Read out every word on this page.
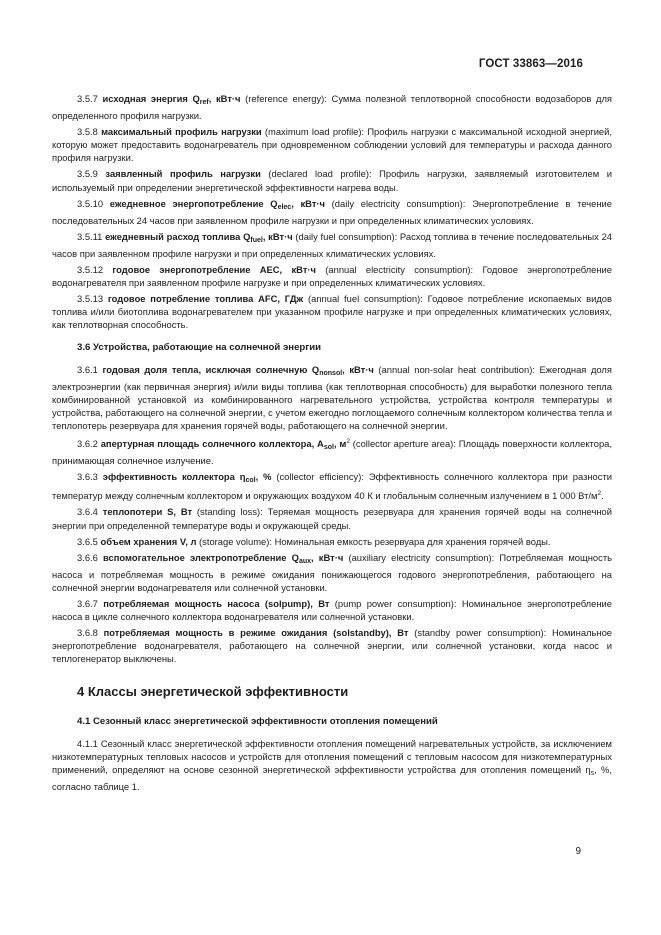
ГОСТ 33863—2016

3.5.7 исходная энергия $Q_{ref}$, кВт·ч (reference energy): Сумма полезной теплотворной способности водозаборов для определенного профиля нагрузки.

3.5.8 максимальный профиль нагрузки (maximum load profile): Профиль нагрузки с максимальной исходной энергией, которую может предоставить водонагреватель при одновременном соблюдении условий для температуры и расхода данного профиля нагрузки.

3.5.9 заявленный профиль нагрузки (declared load profile): Профиль нагрузки, заявляемый изготовителем и используемый при определении энергетической эффективности нагрева воды.

3.5.10 ежедневное энергопотребление $Q_{elec}$, кВт·ч (daily electricity consumption): Энергопотребление в течение последовательных 24 часов при заявленном профиле нагрузки и при определенных климатических условиях.

3.5.11 ежедневный расход топлива $Q_{fuel}$, кВт·ч (daily fuel consumption): Расход топлива в течение последовательных 24 часов при заявленном профиле нагрузки и при определенных климатических условиях.

3.5.12 годовое энергопотребление AEC, кВт·ч (annual electricity consumption): Годовое энергопотребление водонагревателя при заявленном профиле нагрузке и при определенных климатических условиях.

3.5.13 годовое потребление топлива AFC, ГДж (annual fuel consumption): Годовое потребление ископаемых видов топлива и/или биотоплива водонагревателем при указанном профиле нагрузке и при определенных климатических условиях, как теплотворная способность.

3.6 Устройства, работающие на солнечной энергии

3.6.1 годовая доля тепла, исключая солнечную $Q_{nonsol}$, кВт·ч (annual non-solar heat contribution): Ежегодная доля электроэнергии (как первичная энергия) и/или виды топлива (как теплотворная способность) для выработки полезного тепла комбинированной установкой из комбинированного нагревательного устройства, устройства контроля температуры и устройства, работающего на солнечной энергии, с учетом ежегодно поглощаемого солнечным коллектором количества тепла и теплопотерь резервуара для хранения горячей воды, работающего на солнечной энергии.

3.6.2 апертурная площадь солнечного коллектора, $A_{sol}$, $м^2$ (collector aperture area): Площадь поверхности коллектора, принимающая солнечное излучение.

3.6.3 эффективность коллектора $\eta_{col}$, % (collector efficiency): Эффективность солнечного коллектора при разности температур между солнечным коллектором и окружающих воздухом 40 К и глобальным солнечным излучением в 1 000 $Вт/м^2$.

3.6.4 теплопотери S, Вт (standing loss): Теряемая мощность резервуара для хранения горячей воды на солнечной энергии при определенной температуре воды и окружающей среды.

3.6.5 объем хранения V, л (storage volume): Номинальная емкость резервуара для хранения горячей воды.

3.6.6 вспомогательное электропотребление $Q_{aux}$, кВт·ч (auxiliary electricity consumption): Потребляемая мощность насоса и потребляемая мощность в режиме ожидания понижающегося годового энергопотребления, работающего на солнечной энергии водонагревателя или солнечной установки.

3.6.7 потребляемая мощность насоса (solpump), Вт (pump power consumption): Номинальное энергопотребление насоса в цикле солнечного коллектора водонагревателя или солнечной установки.

3.6.8 потребляемая мощность в режиме ожидания (solstandby), Вт (standby power consumption): Номинальное энергопотребление водонагревателя, работающего на солнечной энергии, или солнечной установки, когда насос и теплогенератор выключены.

4 Классы энергетической эффективности
4.1 Сезонный класс энергетической эффективности отопления помещений

4.1.1 Сезонный класс энергетической эффективности отопления помещений нагревательных устройств, за исключением низкотемпературных тепловых насосов и устройств для отопления помещений с тепловым насосом для низкотемпературных применений, определяют на основе сезонной энергетической эффективности устройства для отопления помещений $\eta_s$, %, согласно таблице 1.

9
